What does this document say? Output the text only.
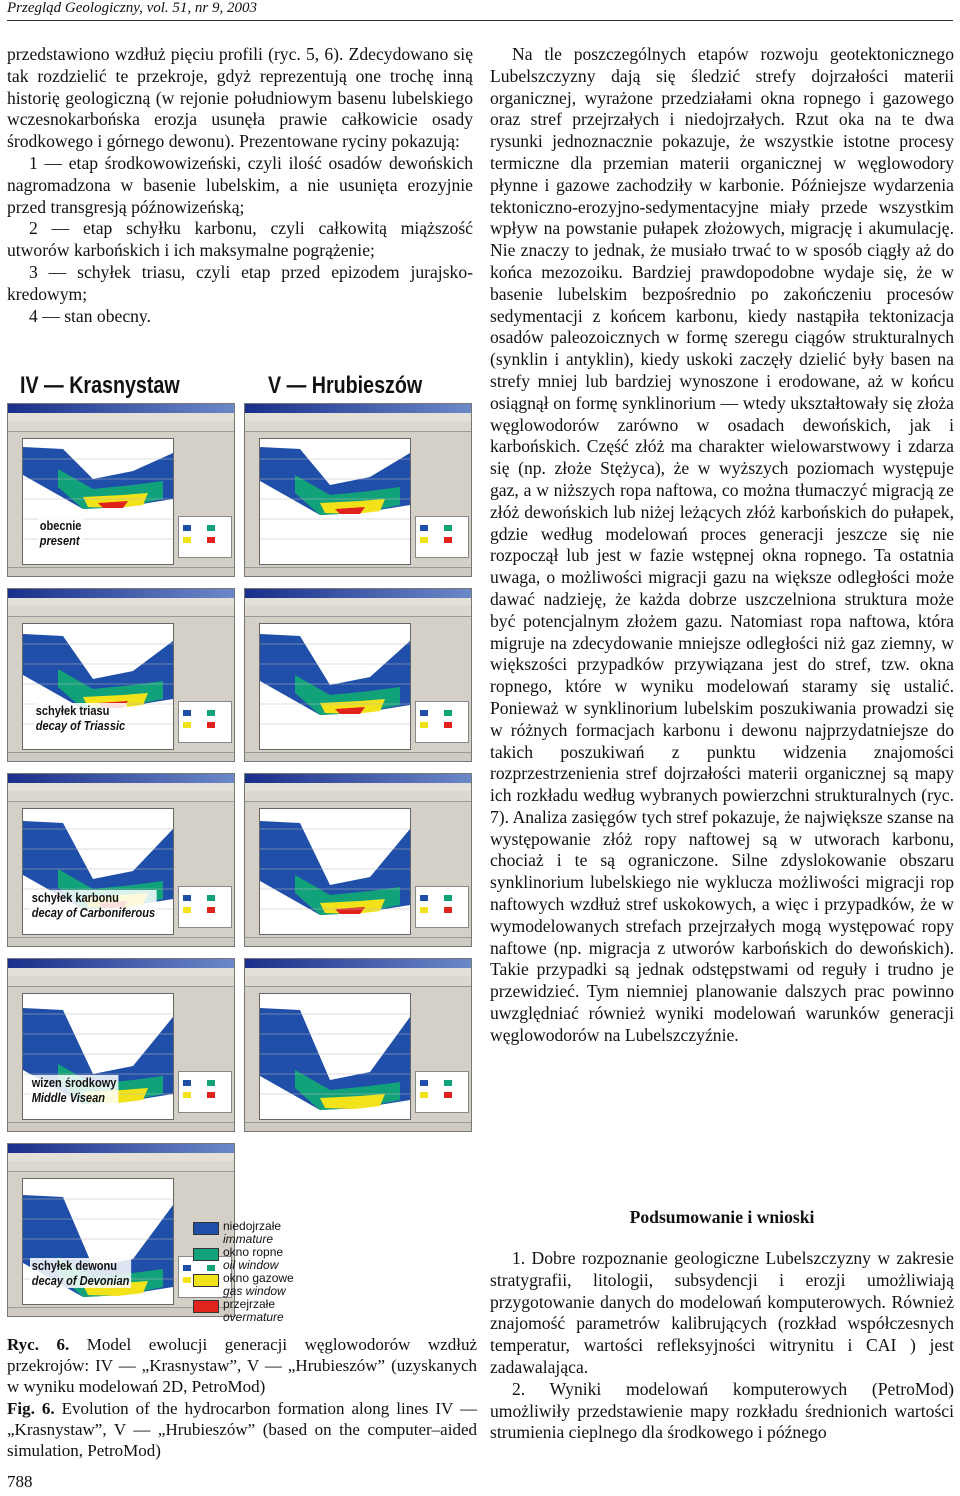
Przegląd Geologiczny, vol. 51, nr 9, 2003

przedstawiono wzdłuż pięciu profili (ryc. 5, 6). Zdecydowano się tak rozdzielić te przekroje, gdyż reprezentują one trochę inną historię geologiczną (w rejonie południowym basenu lubelskiego wczesnokarbońska erozja usunęła prawie całkowicie osady środkowego i górnego dewonu). Prezentowane ryciny pokazują:

1 — etap środkowowizeński, czyli ilość osadów dewońskich nagromadzona w basenie lubelskim, a nie usunięta erozyjnie przed transgresją późnowizeńską;

2 — etap schyłku karbonu, czyli całkowitą miąższość utworów karbońskich i ich maksymalne pogrążenie;

3 — schyłek triasu, czyli etap przed epizodem jurajsko-kredowym;

4 — stan obecny.

IV — Krasnystaw	V — Hrubieszów
obecnie
present
schyłek triasu
decay of Triassic
schyłek karbonu
decay of Carboniferous
wizen środkowy
Middle Visean
schyłek dewonu
decay of Devonian
niedojrzałe
immature
okno ropne
oil window
okno gazowe
gas window
przejrzałe
overmature
Ryc. 6. Model ewolucji generacji węglowodorów wzdłuż przekrojów: IV — „Krasnystaw”, V — „Hrubieszów” (uzyskanych w wyniku modelowań 2D, PetroMod)
Fig. 6. Evolution of the hydrocarbon formation along lines IV — „Krasnystaw”, V — „Hrubieszów” (based on the computer–aided simulation, PetroMod)

Na tle poszczególnych etapów rozwoju geotektonicznego Lubelszczyzny dają się śledzić strefy dojrzałości materii organicznej, wyrażone przedziałami okna ropnego i gazowego oraz stref przejrzałych i niedojrzałych. Rzut oka na te dwa rysunki jednoznacznie pokazuje, że wszystkie istotne procesy termiczne dla przemian materii organicznej w węglowodory płynne i gazowe zachodziły w karbonie. Późniejsze wydarzenia tektoniczno-erozyjno-sedymentacyjne miały przede wszystkim wpływ na powstanie pułapek złożowych, migrację i akumulację. Nie znaczy to jednak, że musiało trwać to w sposób ciągły aż do końca mezozoiku. Bardziej prawdopodobne wydaje się, że w basenie lubelskim bezpośrednio po zakończeniu procesów sedymentacji z końcem karbonu, kiedy nastąpiła tektonizacja osadów paleozoicznych w formę szeregu ciągów strukturalnych (synklin i antyklin), kiedy uskoki zaczęły dzielić były basen na strefy mniej lub bardziej wynoszone i erodowane, aż w końcu osiągnął on formę synklinorium — wtedy ukształtowały się złoża węglowodorów zarówno w osadach dewońskich, jak i karbońskich. Część złóż ma charakter wielowarstwowy i zdarza się (np. złoże Stężyca), że w wyższych poziomach występuje gaz, a w niższych ropa naftowa, co można tłumaczyć migracją ze złóż dewońskich lub niżej leżących złóż karbońskich do pułapek, gdzie według modelowań proces generacji jeszcze się nie rozpoczął lub jest w fazie wstępnej okna ropnego. Ta ostatnia uwaga, o możliwości migracji gazu na większe odległości może dawać nadzieję, że każda dobrze uszczelniona struktura może być potencjalnym złożem gazu. Natomiast ropa naftowa, która migruje na zdecydowanie mniejsze odległości niż gaz ziemny, w większości przypadków przywiązana jest do stref, tzw. okna ropnego, które w wyniku modelowań staramy się ustalić. Ponieważ w synklinorium lubelskim poszukiwania prowadzi się w różnych formacjach karbonu i dewonu najprzydatniejsze do takich poszukiwań z punktu widzenia znajomości rozprzestrzenienia stref dojrzałości materii organicznej są mapy ich rozkładu według wybranych powierzchni strukturalnych (ryc. 7). Analiza zasięgów tych stref pokazuje, że największe szanse na występowanie złóż ropy naftowej są w utworach karbonu, chociaż i te są ograniczone. Silne zdyslokowanie obszaru synklinorium lubelskiego nie wyklucza możliwości migracji rop naftowych wzdłuż stref uskokowych, a więc i przypadków, że w wymodelowanych strefach przejrzałych mogą występować ropy naftowe (np. migracja z utworów karbońskich do dewońskich). Takie przypadki są jednak odstępstwami od reguły i trudno je przewidzieć. Tym niemniej planowanie dalszych prac powinno uwzględniać również wyniki modelowań warunków generacji węglowodorów na Lubelszczyźnie.

Podsumowanie i wnioski

1. Dobre rozpoznanie geologiczne Lubelszczyzny w zakresie stratygrafii, litologii, subsydencji i erozji umożliwiają przygotowanie danych do modelowań komputerowych. Również znajomość parametrów kalibrujących (rozkład współczesnych temperatur, wartości refleksyjności witrynitu i CAI ) jest zadawalająca.

2. Wyniki modelowań komputerowych (PetroMod) umożliwiły przedstawienie mapy rozkładu średnionich wartości strumienia cieplnego dla środkowego i późnego

788
